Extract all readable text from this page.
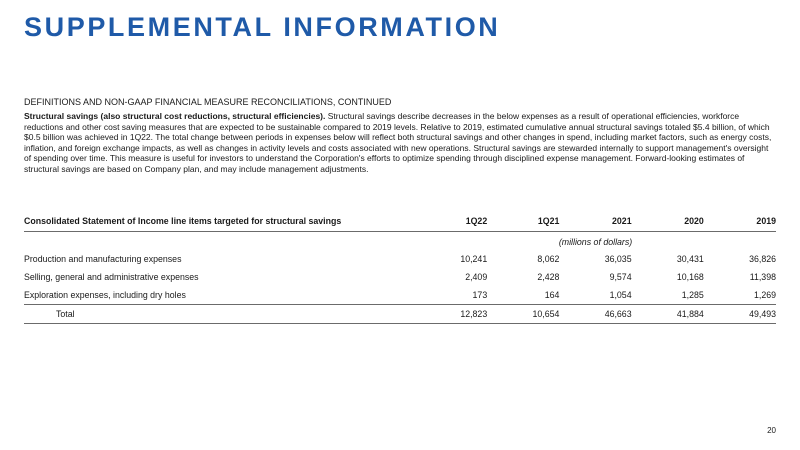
SUPPLEMENTAL INFORMATION
DEFINITIONS AND NON-GAAP FINANCIAL MEASURE RECONCILIATIONS, CONTINUED
Structural savings (also structural cost reductions, structural efficiencies). Structural savings describe decreases in the below expenses as a result of operational efficiencies, workforce reductions and other cost saving measures that are expected to be sustainable compared to 2019 levels. Relative to 2019, estimated cumulative annual structural savings totaled $5.4 billion, of which $0.5 billion was achieved in 1Q22. The total change between periods in expenses below will reflect both structural savings and other changes in spend, including market factors, such as energy costs, inflation, and foreign exchange impacts, as well as changes in activity levels and costs associated with new operations. Structural savings are stewarded internally to support management's oversight of spending over time. This measure is useful for investors to understand the Corporation's efforts to optimize spending through disciplined expense management. Forward-looking estimates of structural savings are based on Company plan, and may include management adjustments.
Consolidated Statement of Income line items targeted for structural savings	1Q22	1Q21	2021	2020	2019
	(millions of dollars)				
Production and manufacturing expenses	10,241	8,062	36,035	30,431	36,826
Selling, general and administrative expenses	2,409	2,428	9,574	10,168	11,398
Exploration expenses, including dry holes	173	164	1,054	1,285	1,269
Total	12,823	10,654	46,663	41,884	49,493
20
